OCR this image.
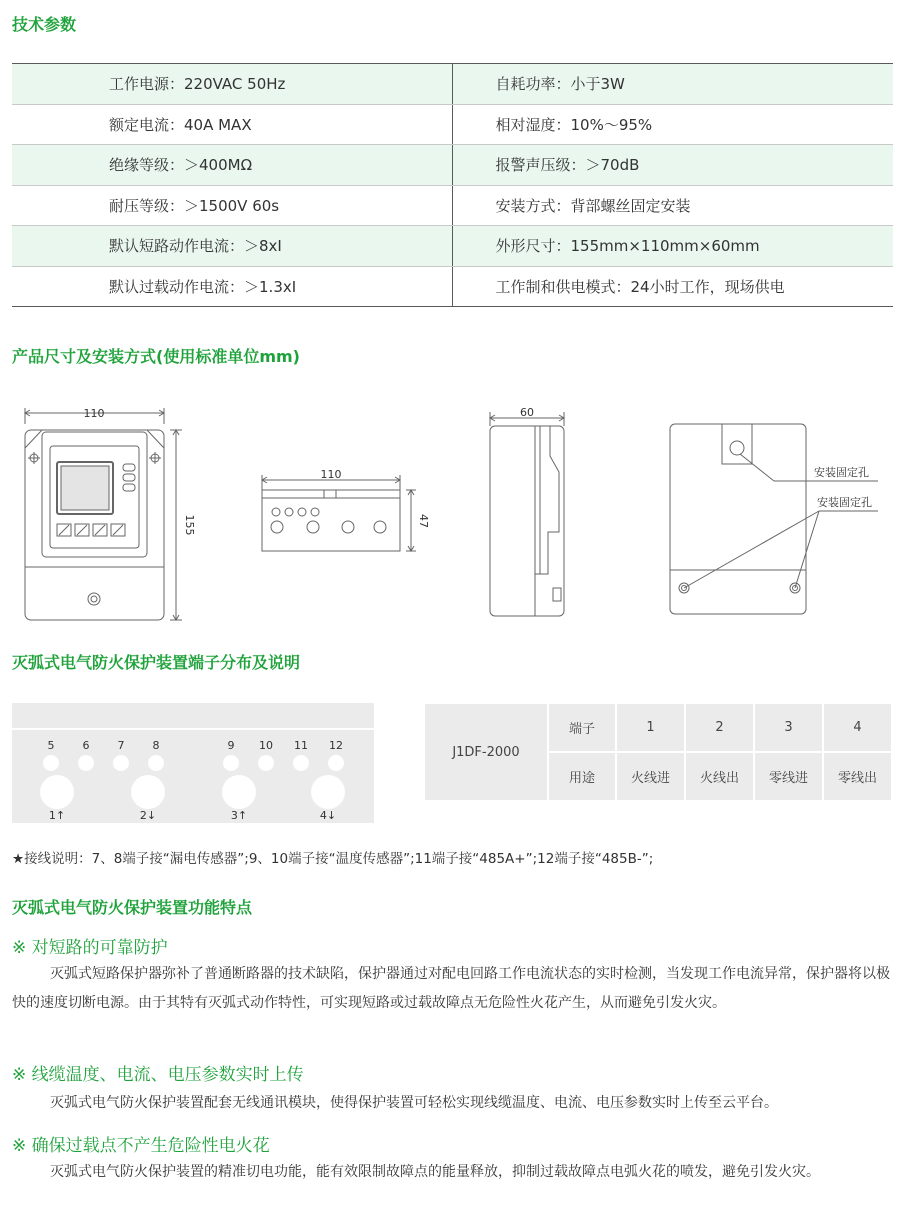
技术参数
工作电源：220VAC 50Hz	自耗功率：小于3W
额定电流：40A MAX	相对湿度：10%～95%
绝缘等级：＞400MΩ	报警声压级：＞70dB
耐压等级：＞1500V 60s	安装方式：背部螺丝固定安装
默认短路动作电流：＞8xI	外形尺寸：155mm×110mm×60mm
默认过载动作电流：＞1.3xI	工作制和供电模式：24小时工作，现场供电
产品尺寸及安装方式(使用标准单位mm)
110
155
110
47
60
安装固定孔
安装固定孔
灭弧式电气防火保护装置端子分布及说明
5	6	7	8	9 10 11 12
1↑	2↓	3↑	4↓
J1DF-2000	端子	1	2	3	4
	用途	火线进	火线出	零线进	零线出
★接线说明：7、8端子接“漏电传感器”;9、10端子接“温度传感器”;11端子接“485A+”;12端子接“485B-”;
灭弧式电气防火保护装置功能特点
※ 对短路的可靠防护
灭弧式短路保护器弥补了普通断路器的技术缺陷，保护器通过对配电回路工作电流状态的实时检测，当发现工作电流异常，保护器将以极快的速度切断电源。由于其特有灭弧式动作特性，可实现短路或过载故障点无危险性火花产生，从而避免引发火灾。
※ 线缆温度、电流、电压参数实时上传
灭弧式电气防火保护装置配套无线通讯模块，使得保护装置可轻松实现线缆温度、电流、电压参数实时上传至云平台。
※ 确保过载点不产生危险性电火花
灭弧式电气防火保护装置的精准切电功能，能有效限制故障点的能量释放，抑制过载故障点电弧火花的喷发，避免引发火灾。
